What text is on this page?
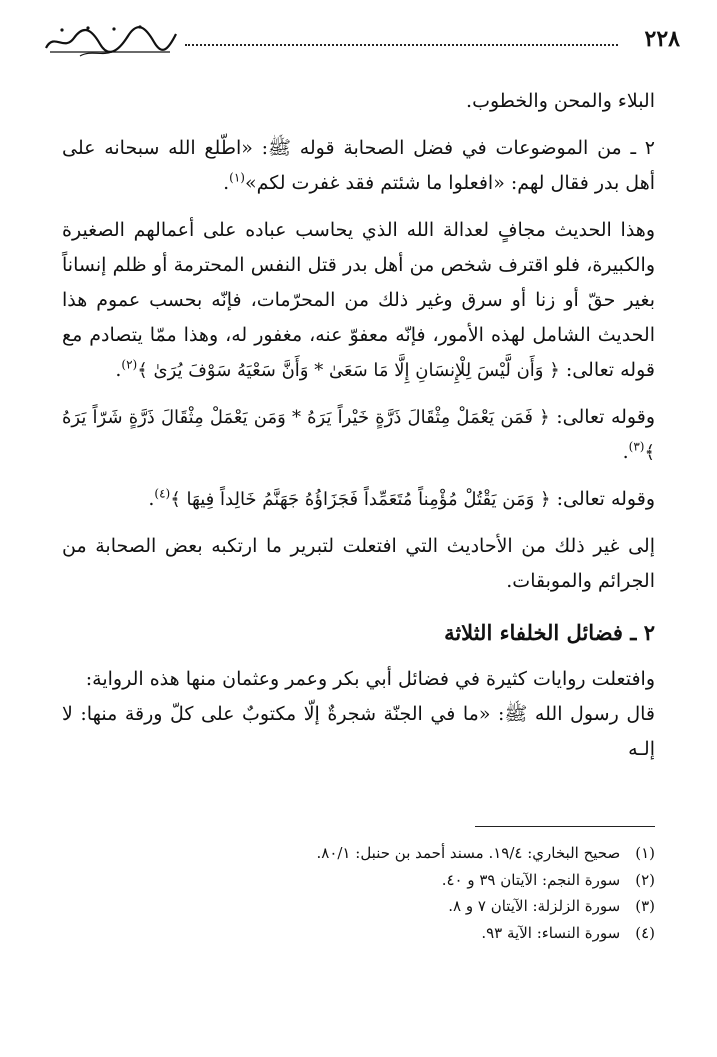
٢٢٨

البلاء والمحن والخطوب.

٢ ـ من الموضوعات في فضل الصحابة قوله ﷺ: «اطّلع الله سبحانه على أهل بدر فقال لهم: «افعلوا ما شئتم فقد غفرت لكم»$^{(١)}$.

وهذا الحديث مجافٍ لعدالة الله الذي يحاسب عباده على أعمالهم الصغيرة والكبيرة، فلو اقترف شخص من أهل بدر قتل النفس المحترمة أو ظلم إنساناً بغير حقّ أو زنا أو سرق وغير ذلك من المحرّمات، فإنّه بحسب عموم هذا الحديث الشامل لهذه الأمور، فإنّه معفوّ عنه، مغفور له، وهذا ممّا يتصادم مع قوله تعالى: ﴿ وَأَن لَّيْسَ لِلْإِنسَانِ إِلَّا مَا سَعَىٰ * وَأَنَّ سَعْيَهُ سَوْفَ يُرَىٰ ﴾$^{(٢)}$.

وقوله تعالى: ﴿ فَمَن يَعْمَلْ مِثْقَالَ ذَرَّةٍ خَيْراً يَرَهُ * وَمَن يَعْمَلْ مِثْقَالَ ذَرَّةٍ شَرّاً يَرَهُ ﴾$^{(٣)}$.

وقوله تعالى: ﴿ وَمَن يَقْتُلْ مُؤْمِناً مُتَعَمِّداً فَجَزَاؤُهُ جَهَنَّمُ خَالِداً فِيهَا ﴾$^{(٤)}$.

إلى غير ذلك من الأحاديث التي افتعلت لتبرير ما ارتكبه بعض الصحابة من الجرائم والموبقات.

٢ ـ فضائل الخلفاء الثلاثة

وافتعلت روايات كثيرة في فضائل أبي بكر وعمر وعثمان منها هذه الرواية:

قال رسول الله ﷺ: «ما في الجنّة شجرةٌ إلّا مكتوبٌ على كلّ ورقة منها: لا إلـه

(١) صحيح البخاري: ١٩/٤. مسند أحمد بن حنبل: ٨٠/١.

(٢) سورة النجم: الآيتان ٣٩ و ٤٠.

(٣) سورة الزلزلة: الآيتان ٧ و ٨.

(٤) سورة النساء: الآية ٩٣.
